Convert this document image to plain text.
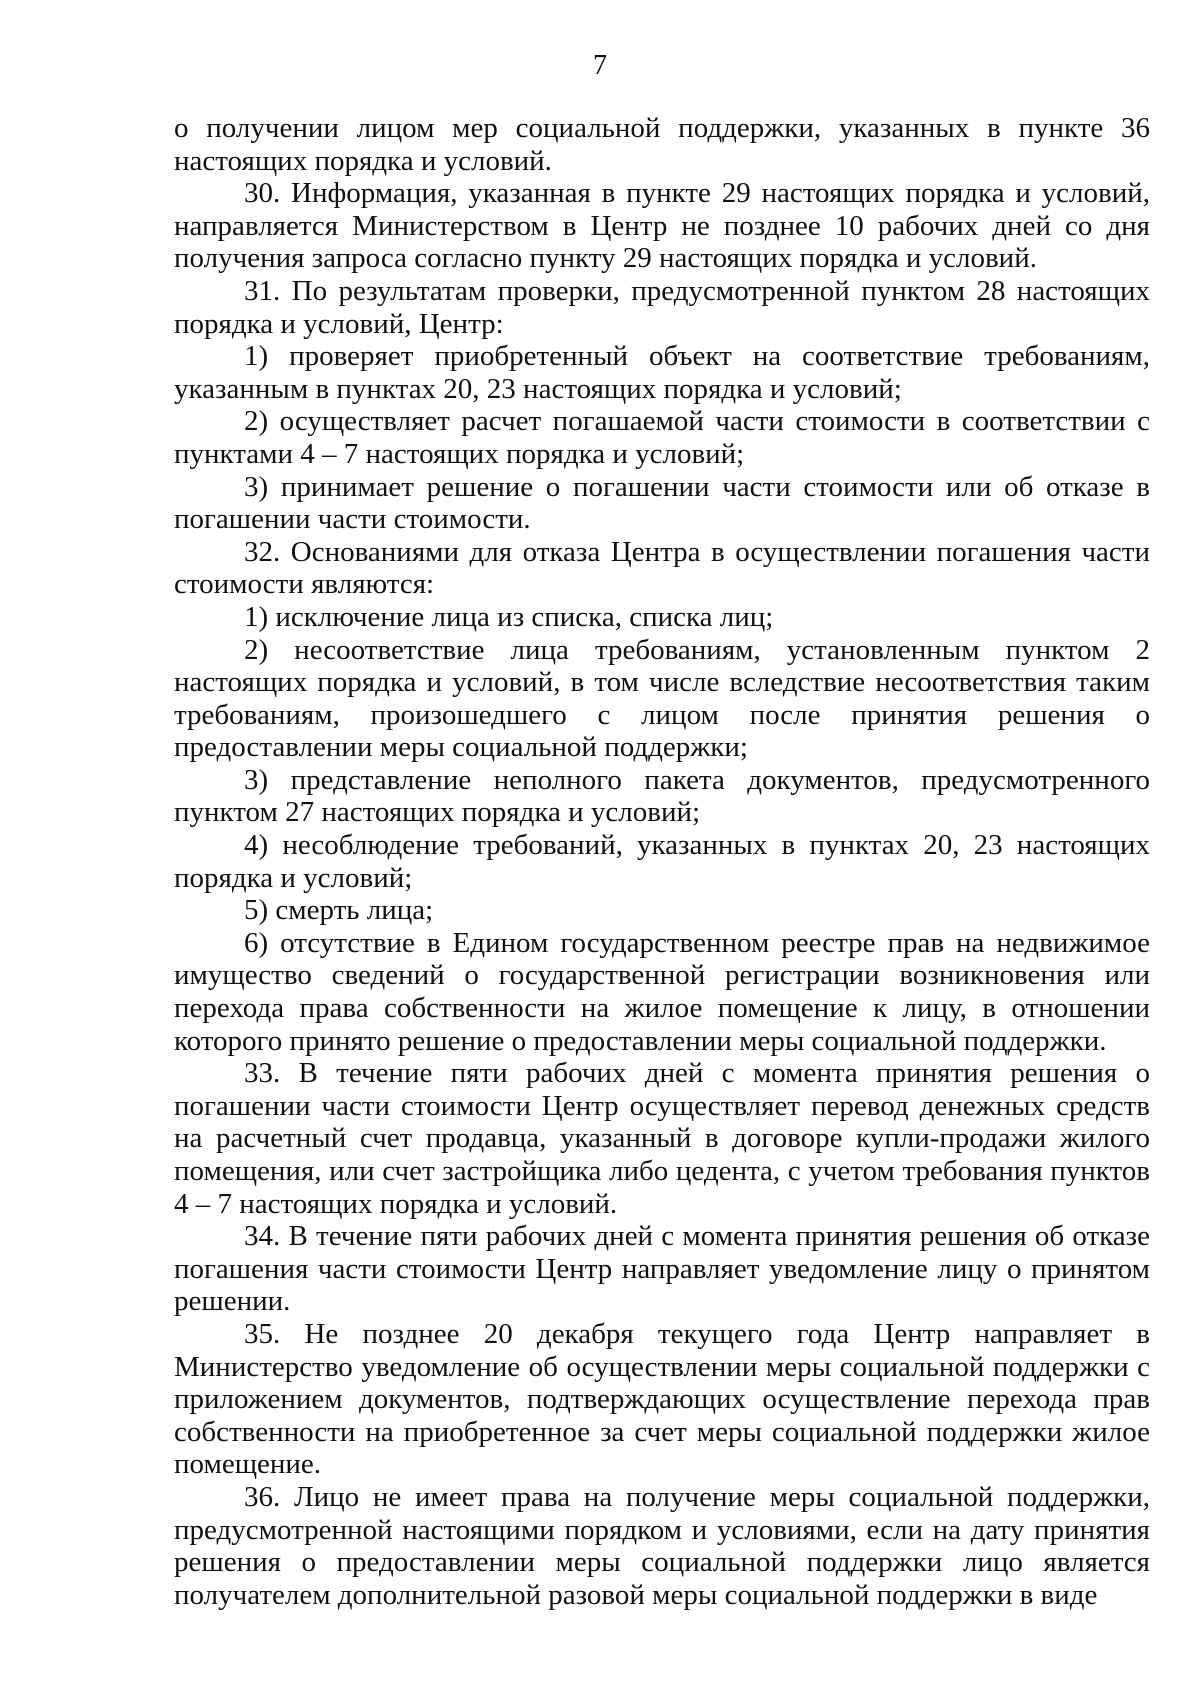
7

о получении лицом мер социальной поддержки, указанных в пункте 36 настоящих порядка и условий.

30. Информация, указанная в пункте 29 настоящих порядка и условий, направляется Министерством в Центр не позднее 10 рабочих дней со дня получения запроса согласно пункту 29 настоящих порядка и условий.

31. По результатам проверки, предусмотренной пунктом 28 настоящих порядка и условий, Центр:

1) проверяет приобретенный объект на соответствие требованиям, указанным в пунктах 20, 23 настоящих порядка и условий;

2) осуществляет расчет погашаемой части стоимости в соответствии с пунктами 4 – 7 настоящих порядка и условий;

3) принимает решение о погашении части стоимости или об отказе в погашении части стоимости.

32. Основаниями для отказа Центра в осуществлении погашения части стоимости являются:

1) исключение лица из списка, списка лиц;

2) несоответствие лица требованиям, установленным пунктом 2 настоящих порядка и условий, в том числе вследствие несоответствия таким требованиям, произошедшего с лицом после принятия решения о предоставлении меры социальной поддержки;

3) представление неполного пакета документов, предусмотренного пунктом 27 настоящих порядка и условий;

4) несоблюдение требований, указанных в пунктах 20, 23 настоящих порядка и условий;

5) смерть лица;

6) отсутствие в Едином государственном реестре прав на недвижимое имущество сведений о государственной регистрации возникновения или перехода права собственности на жилое помещение к лицу, в отношении которого принято решение о предоставлении меры социальной поддержки.

33. В течение пяти рабочих дней с момента принятия решения о погашении части стоимости Центр осуществляет перевод денежных средств на расчетный счет продавца, указанный в договоре купли-продажи жилого помещения, или счет застройщика либо цедента, с учетом требования пунктов 4 – 7 настоящих порядка и условий.

34. В течение пяти рабочих дней с момента принятия решения об отказе погашения части стоимости Центр направляет уведомление лицу о принятом решении.

35. Не позднее 20 декабря текущего года Центр направляет в Министерство уведомление об осуществлении меры социальной поддержки с приложением документов, подтверждающих осуществление перехода прав собственности на приобретенное за счет меры социальной поддержки жилое помещение.

36. Лицо не имеет права на получение меры социальной поддержки, предусмотренной настоящими порядком и условиями, если на дату принятия решения о предоставлении меры социальной поддержки лицо является получателем дополнительной разовой меры социальной поддержки в виде
